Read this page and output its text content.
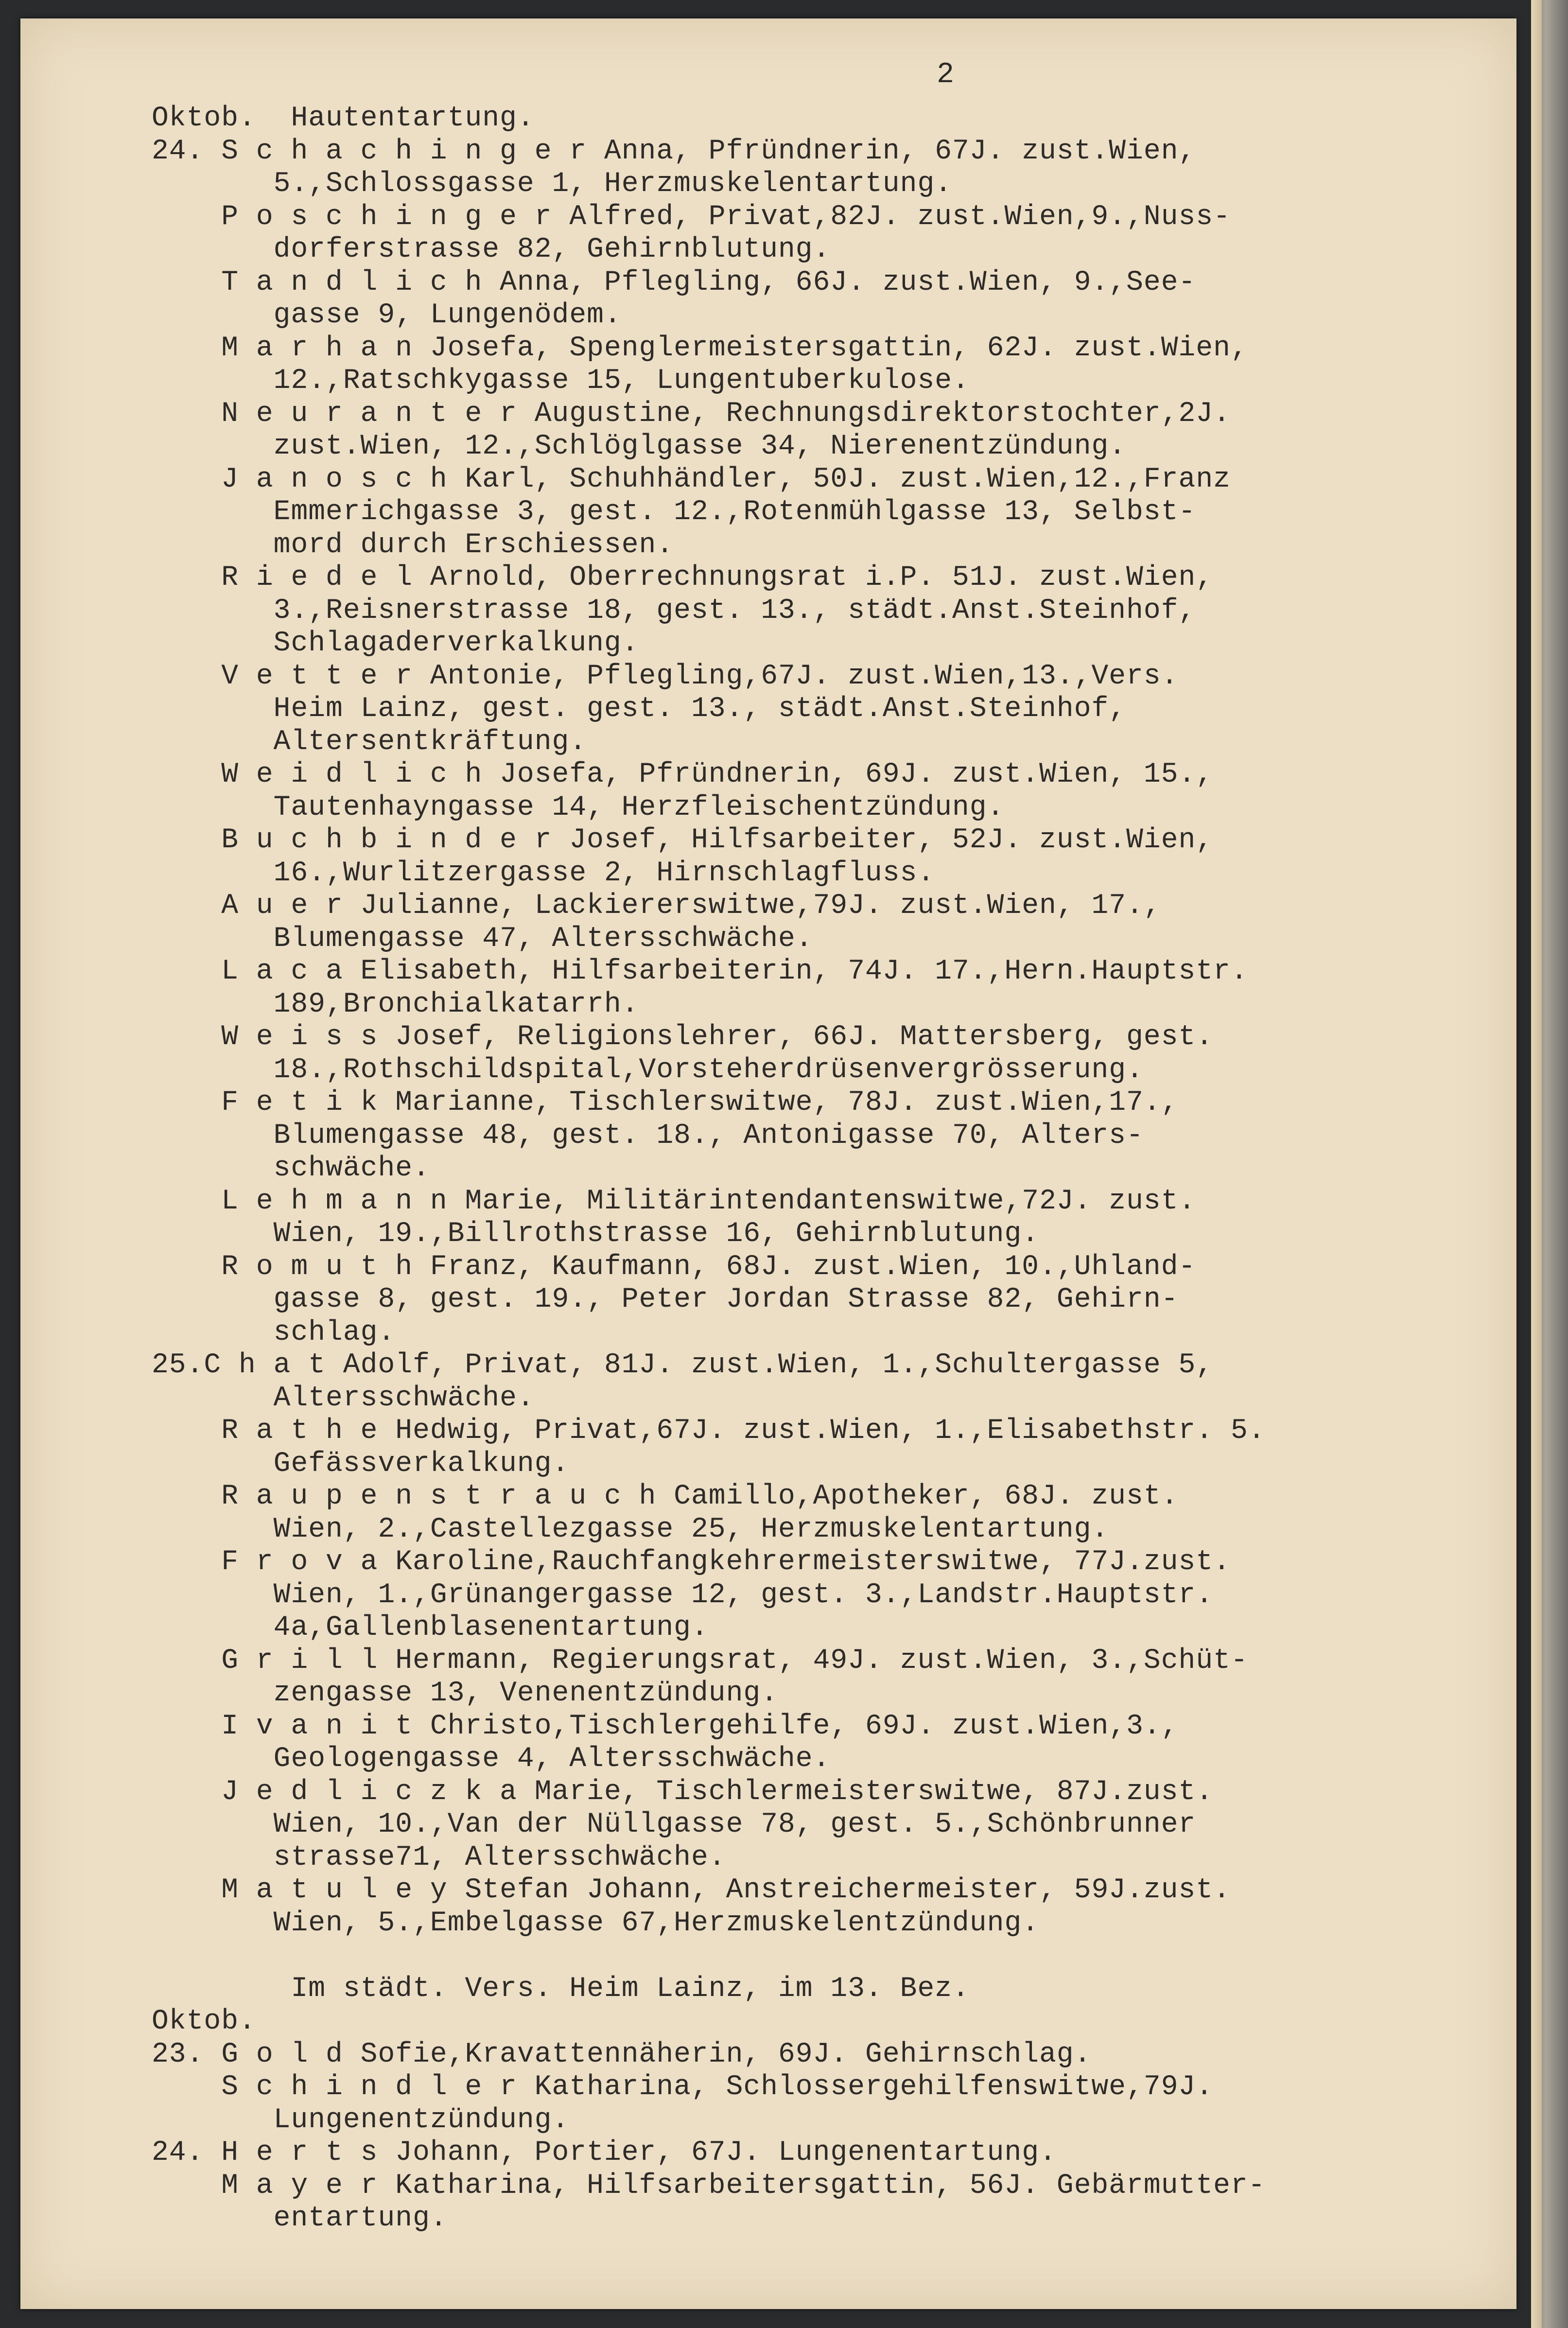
2
Oktob.  Hautentartung.
24. S c h a c h i n g e r Anna, Pfründnerin, 67J. zust.Wien,
5.,Schlossgasse 1, Herzmuskelentartung.
P o s c h i n g e r Alfred, Privat,82J. zust.Wien,9.,Nuss-
dorferstrasse 82, Gehirnblutung.
T a n d l i c h Anna, Pflegling, 66J. zust.Wien, 9.,See-
gasse 9, Lungenödem.
M a r h a n Josefa, Spenglermeistersgattin, 62J. zust.Wien,
12.,Ratschkygasse 15, Lungentuberkulose.
N e u r a n t e r Augustine, Rechnungsdirektorstochter,2J.
zust.Wien, 12.,Schlöglgasse 34, Nierenentzündung.
J a n o s c h Karl, Schuhhändler, 50J. zust.Wien,12.,Franz
Emmerichgasse 3, gest. 12.,Rotenmühlgasse 13, Selbst-
mord durch Erschiessen.
R i e d e l Arnold, Oberrechnungsrat i.P. 51J. zust.Wien,
3.,Reisnerstrasse 18, gest. 13., städt.Anst.Steinhof,
Schlagaderverkalkung.
V e t t e r Antonie, Pflegling,67J. zust.Wien,13.,Vers.
Heim Lainz, gest. gest. 13., städt.Anst.Steinhof,
Altersentkräftung.
W e i d l i c h Josefa, Pfründnerin, 69J. zust.Wien, 15.,
Tautenhayngasse 14, Herzfleischentzündung.
B u c h b i n d e r Josef, Hilfsarbeiter, 52J. zust.Wien,
16.,Wurlitzergasse 2, Hirnschlagfluss.
A u e r Julianne, Lackiererswitwe,79J. zust.Wien, 17.,
Blumengasse 47, Altersschwäche.
L a c a Elisabeth, Hilfsarbeiterin, 74J. 17.,Hern.Hauptstr.
189,Bronchialkatarrh.
W e i s s Josef, Religionslehrer, 66J. Mattersberg, gest.
18.,Rothschildspital,Vorsteherdrüsenvergrösserung.
F e t i k Marianne, Tischlerswitwe, 78J. zust.Wien,17.,
Blumengasse 48, gest. 18., Antonigasse 70, Alters-
schwäche.
L e h m a n n Marie, Militärintendantenswitwe,72J. zust.
Wien, 19.,Billrothstrasse 16, Gehirnblutung.
R o m u t h Franz, Kaufmann, 68J. zust.Wien, 10.,Uhland-
gasse 8, gest. 19., Peter Jordan Strasse 82, Gehirn-
schlag.
25.C h a t Adolf, Privat, 81J. zust.Wien, 1.,Schultergasse 5,
Altersschwäche.
R a t h e Hedwig, Privat,67J. zust.Wien, 1.,Elisabethstr. 5.
Gefässverkalkung.
R a u p e n s t r a u c h Camillo,Apotheker, 68J. zust.
Wien, 2.,Castellezgasse 25, Herzmuskelentartung.
F r o v a Karoline,Rauchfangkehrermeisterswitwe, 77J.zust.
Wien, 1.,Grünangergasse 12, gest. 3.,Landstr.Hauptstr.
4a,Gallenblasenentartung.
G r i l l Hermann, Regierungsrat, 49J. zust.Wien, 3.,Schüt-
zengasse 13, Venenentzündung.
I v a n i t Christo,Tischlergehilfe, 69J. zust.Wien,3.,
Geologengasse 4, Altersschwäche.
J e d l i c z k a Marie, Tischlermeisterswitwe, 87J.zust.
Wien, 10.,Van der Nüllgasse 78, gest. 5.,Schönbrunner
strasse71, Altersschwäche.
M a t u l e y Stefan Johann, Anstreichermeister, 59J.zust.
Wien, 5.,Embelgasse 67,Herzmuskelentzündung.
Im städt. Vers. Heim Lainz, im 13. Bez.
Oktob.
23. G o l d Sofie,Kravattennäherin, 69J. Gehirnschlag.
S c h i n d l e r Katharina, Schlossergehilfenswitwe,79J.
Lungenentzündung.
24. H e r t s Johann, Portier, 67J. Lungenentartung.
M a y e r Katharina, Hilfsarbeitersgattin, 56J. Gebärmutter-
entartung.
